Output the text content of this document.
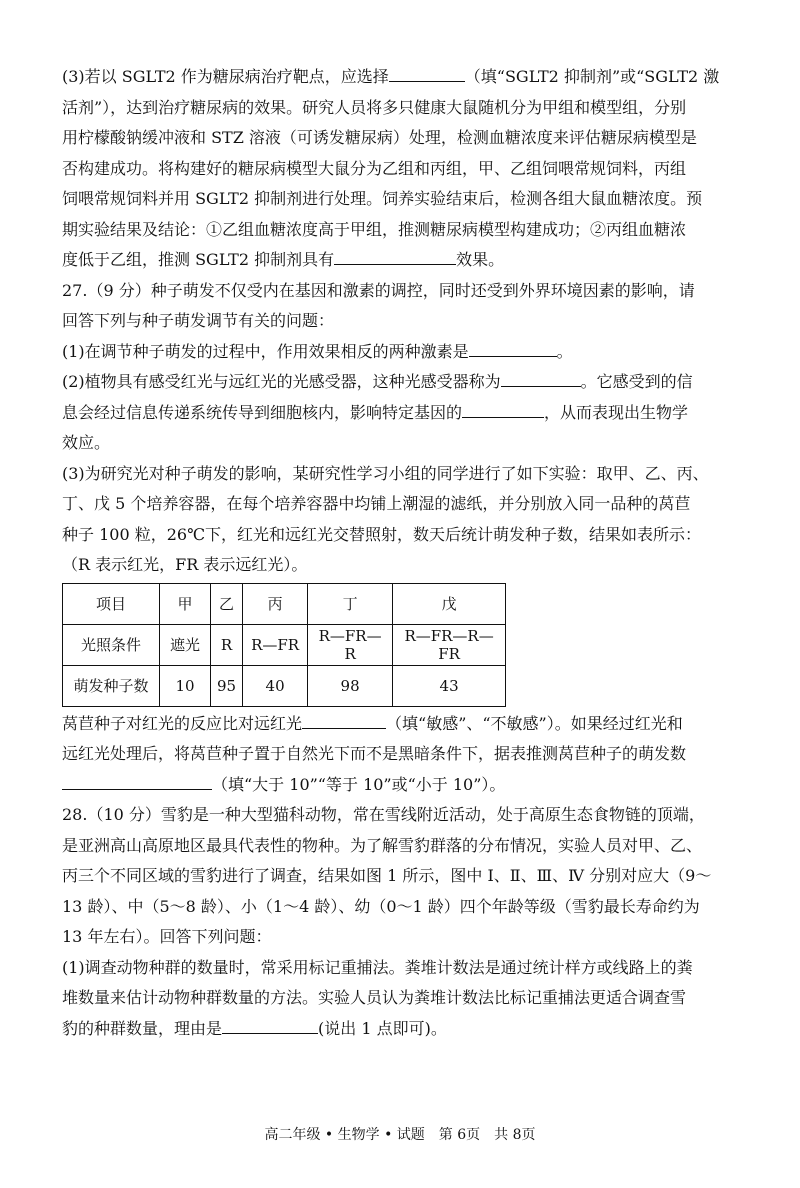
(3)若以 SGLT2 作为糖尿病治疗靶点，应选择	（填“SGLT2 抑制剂”或“SGLT2 激

活剂”），达到治疗糖尿病的效果。研究人员将多只健康大鼠随机分为甲组和模型组，分别

用柠檬酸钠缓冲液和 STZ 溶液（可诱发糖尿病）处理，检测血糖浓度来评估糖尿病模型是

否构建成功。将构建好的糖尿病模型大鼠分为乙组和丙组，甲、乙组饲喂常规饲料，丙组

饲喂常规饲料并用 SGLT2 抑制剂进行处理。饲养实验结束后，检测各组大鼠血糖浓度。预

期实验结果及结论：①乙组血糖浓度高于甲组，推测糖尿病模型构建成功；②丙组血糖浓

度低于乙组，推测 SGLT2 抑制剂具有	效果。

27.（9 分）种子萌发不仅受内在基因和激素的调控，同时还受到外界环境因素的影响，请

回答下列与种子萌发调节有关的问题：

(1)在调节种子萌发的过程中，作用效果相反的两种激素是	。

(2)植物具有感受红光与远红光的光感受器，这种光感受器称为	。它感受到的信

息会经过信息传递系统传导到细胞核内，影响特定基因的	，从而表现出生物学

效应。

(3)为研究光对种子萌发的影响，某研究性学习小组的同学进行了如下实验：取甲、乙、丙、

丁、戊 5 个培养容器，在每个培养容器中均铺上潮湿的滤纸，并分别放入同一品种的莴苣

种子 100 粒，26℃下，红光和远红光交替照射，数天后统计萌发种子数，结果如表所示：

（R 表示红光，FR 表示远红光）。

项目	甲	乙	丙	丁	戊
光照条件	遮光	R	R—FR	R—FR—R	R—FR—R—FR
萌发种子数	10	95	40	98	43

莴苣种子对红光的反应比对远红光	（填“敏感”、“不敏感”）。如果经过红光和

远红光处理后，将莴苣种子置于自然光下而不是黑暗条件下，据表推测莴苣种子的萌发数

（填“大于 10”“等于 10”或“小于 10”）。

28.（10 分）雪豹是一种大型猫科动物，常在雪线附近活动，处于高原生态食物链的顶端，

是亚洲高山高原地区最具代表性的物种。为了解雪豹群落的分布情况，实验人员对甲、乙、

丙三个不同区域的雪豹进行了调查，结果如图 1 所示，图中 Ⅰ、Ⅱ、Ⅲ、Ⅳ 分别对应大（9～

13 龄）、中（5～8 龄）、小（1～4 龄）、幼（0～1 龄）四个年龄等级（雪豹最长寿命约为

13 年左右）。回答下列问题：

(1)调查动物种群的数量时，常采用标记重捕法。粪堆计数法是通过统计样方或线路上的粪

堆数量来估计动物种群数量的方法。实验人员认为粪堆计数法比标记重捕法更适合调查雪

豹的种群数量，理由是	(说出 1 点即可)。

高二年级 • 生物学 • 试题　第 6页　共 8页
